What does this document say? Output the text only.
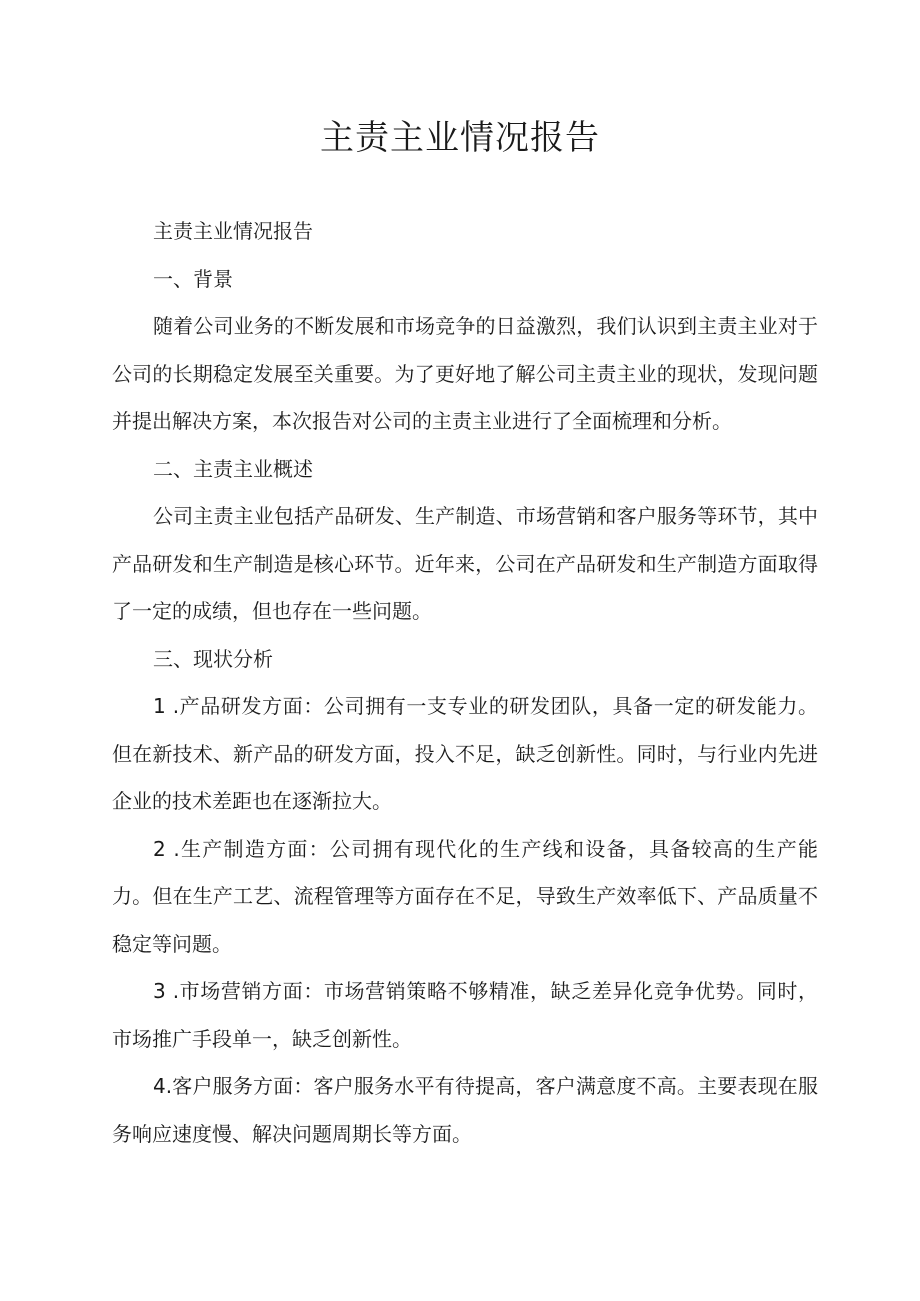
主责主业情况报告

主责主业情况报告

一、背景

随着公司业务的不断发展和市场竞争的日益激烈，我们认识到主责主业对于公司的长期稳定发展至关重要。为了更好地了解公司主责主业的现状，发现问题并提出解决方案，本次报告对公司的主责主业进行了全面梳理和分析。

二、主责主业概述

公司主责主业包括产品研发、生产制造、市场营销和客户服务等环节，其中产品研发和生产制造是核心环节。近年来，公司在产品研发和生产制造方面取得了一定的成绩，但也存在一些问题。

三、现状分析

1 .产品研发方面：公司拥有一支专业的研发团队，具备一定的研发能力。但在新技术、新产品的研发方面，投入不足，缺乏创新性。同时，与行业内先进企业的技术差距也在逐渐拉大。

2 .生产制造方面：公司拥有现代化的生产线和设备，具备较高的生产能力。但在生产工艺、流程管理等方面存在不足，导致生产效率低下、产品质量不稳定等问题。

3 .市场营销方面：市场营销策略不够精准，缺乏差异化竞争优势。同时，市场推广手段单一，缺乏创新性。

4.客户服务方面：客户服务水平有待提高，客户满意度不高。主要表现在服务响应速度慢、解决问题周期长等方面。
